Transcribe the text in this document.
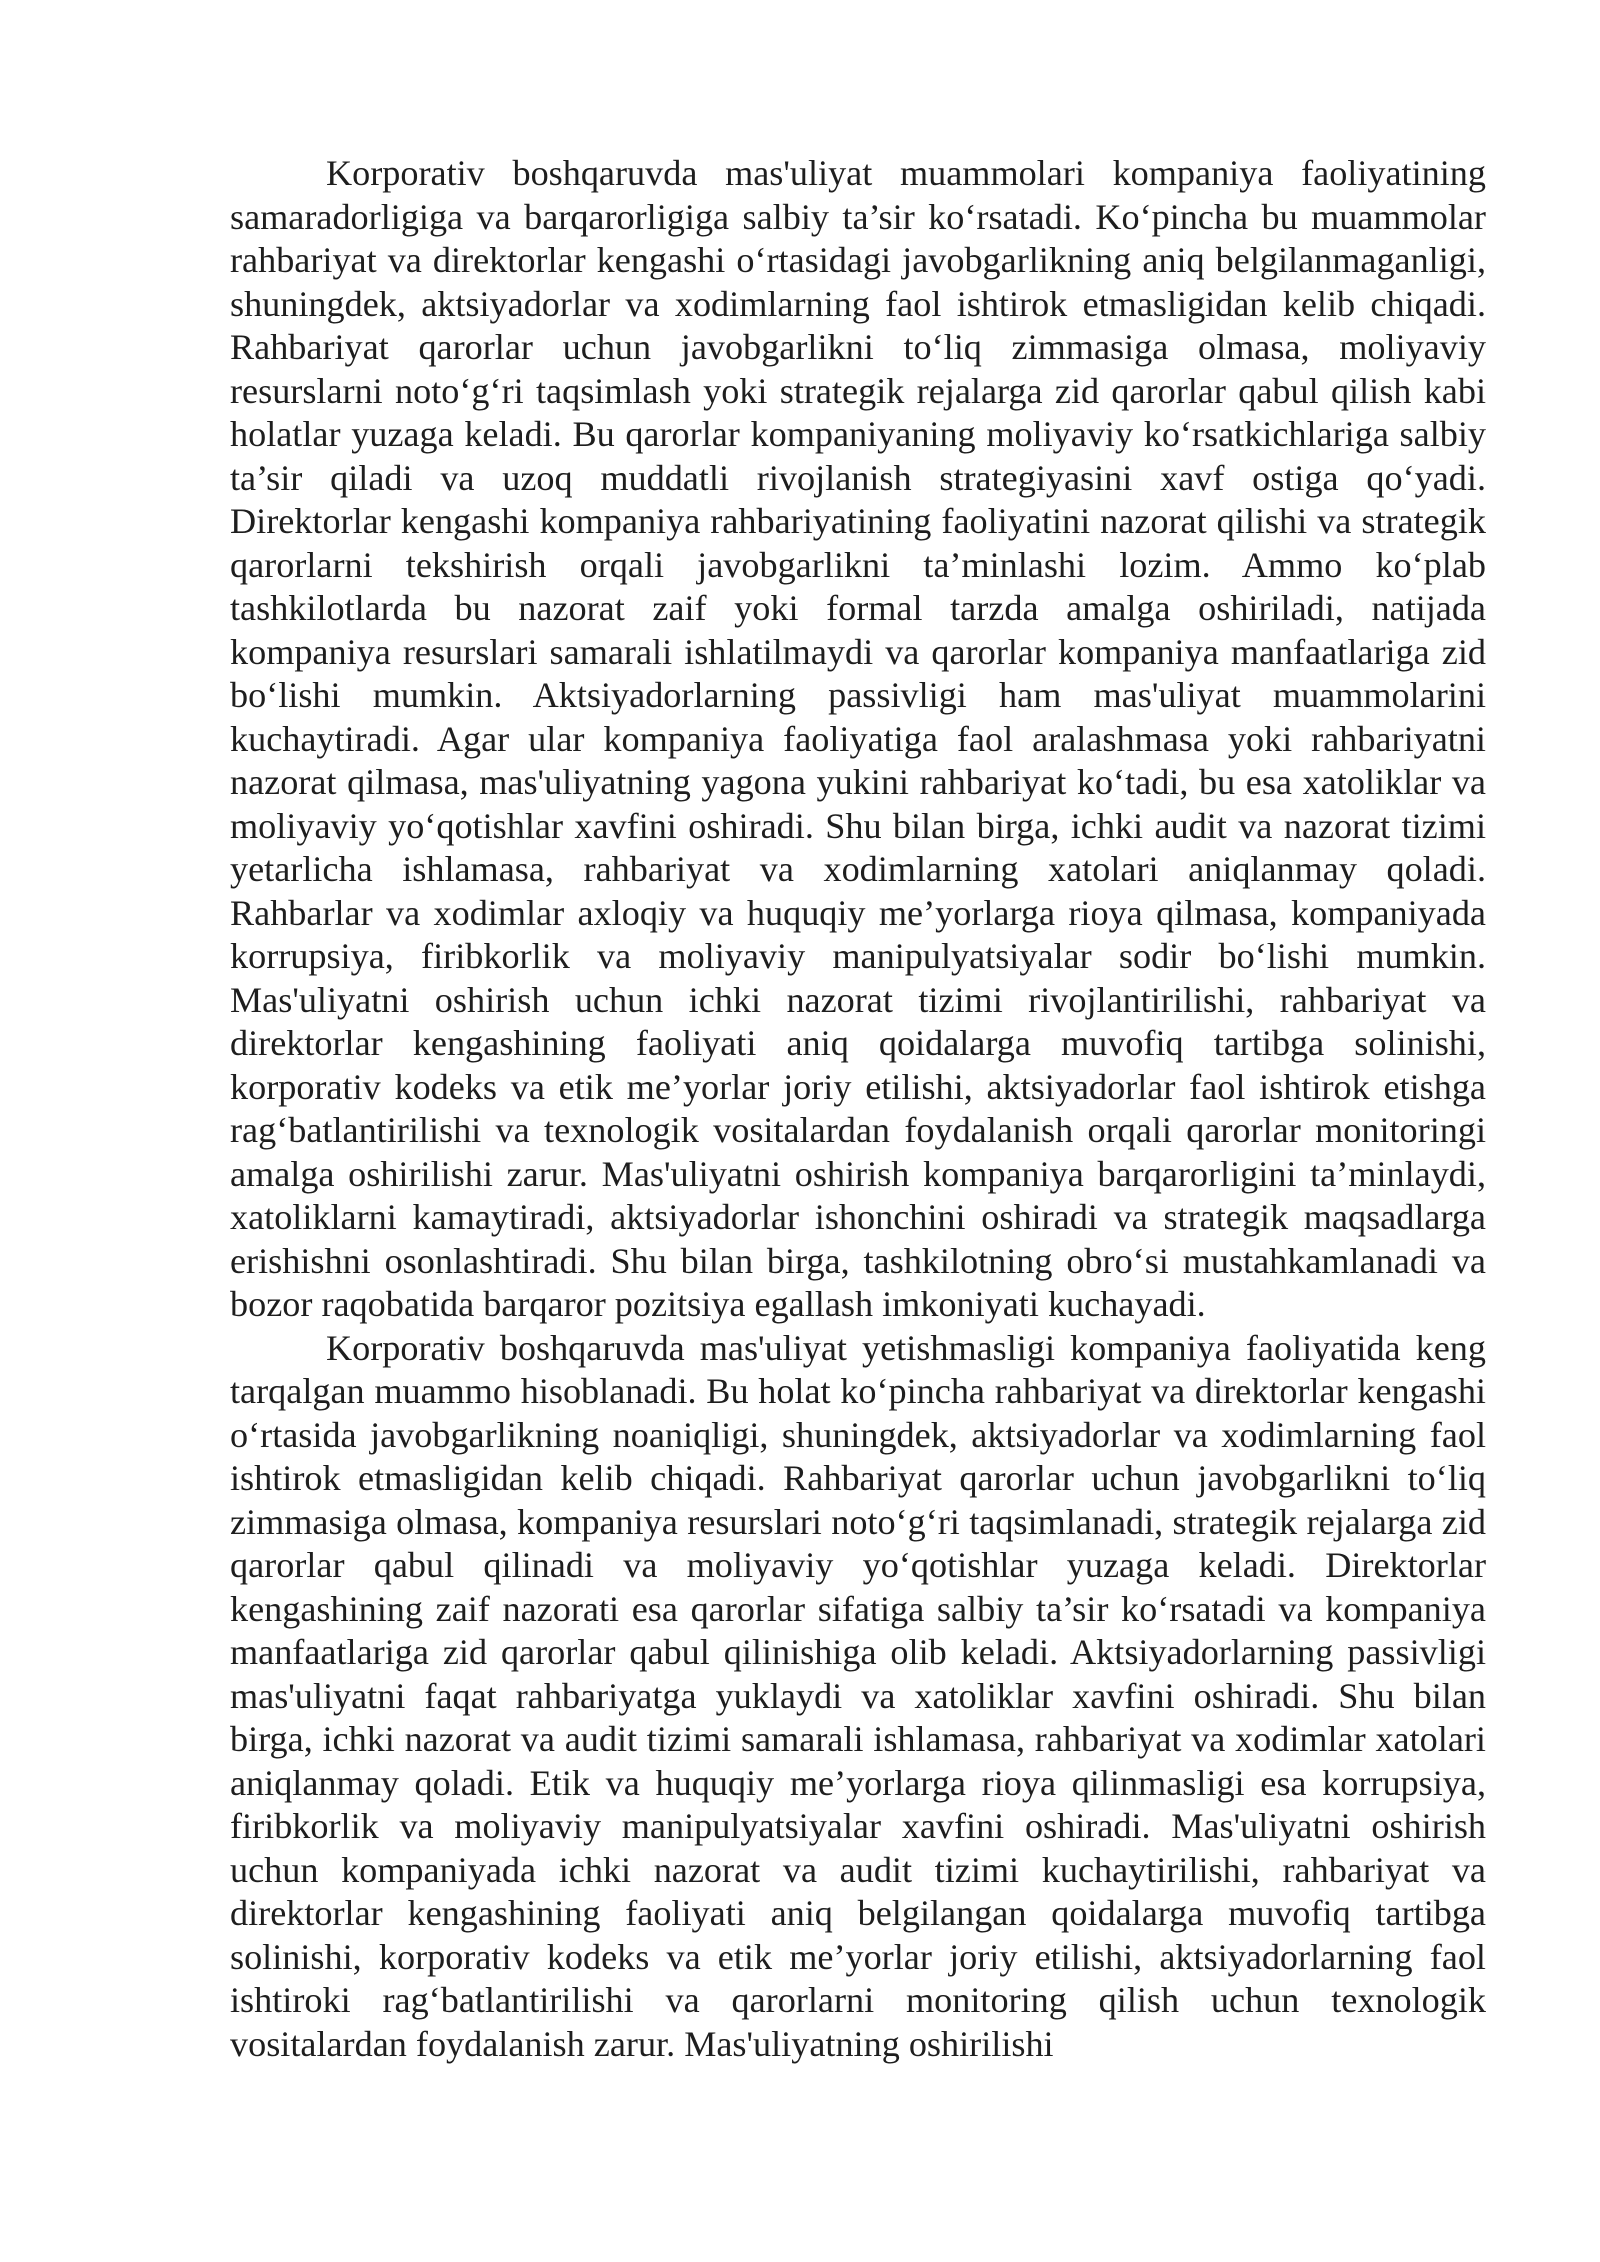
Korporativ boshqaruvda mas'uliyat muammolari kompaniya faoliyatining samaradorligiga va barqarorligiga salbiy ta’sir ko‘rsatadi. Ko‘pincha bu muammolar rahbariyat va direktorlar kengashi o‘rtasidagi javobgarlikning aniq belgilanmaganligi, shuningdek, aktsiyadorlar va xodimlarning faol ishtirok etmasligidan kelib chiqadi. Rahbariyat qarorlar uchun javobgarlikni to‘liq zimmasiga olmasa, moliyaviy resurslarni noto‘g‘ri taqsimlash yoki strategik rejalarga zid qarorlar qabul qilish kabi holatlar yuzaga keladi. Bu qarorlar kompaniyaning moliyaviy ko‘rsatkichlariga salbiy ta’sir qiladi va uzoq muddatli rivojlanish strategiyasini xavf ostiga qo‘yadi. Direktorlar kengashi kompaniya rahbariyatining faoliyatini nazorat qilishi va strategik qarorlarni tekshirish orqali javobgarlikni ta’minlashi lozim. Ammo ko‘plab tashkilotlarda bu nazorat zaif yoki formal tarzda amalga oshiriladi, natijada kompaniya resurslari samarali ishlatilmaydi va qarorlar kompaniya manfaatlariga zid bo‘lishi mumkin. Aktsiyadorlarning passivligi ham mas'uliyat muammolarini kuchaytiradi. Agar ular kompaniya faoliyatiga faol aralashmasa yoki rahbariyatni nazorat qilmasa, mas'uliyatning yagona yukini rahbariyat ko‘tadi, bu esa xatoliklar va moliyaviy yo‘qotishlar xavfini oshiradi. Shu bilan birga, ichki audit va nazorat tizimi yetarlicha ishlamasa, rahbariyat va xodimlarning xatolari aniqlanmay qoladi. Rahbarlar va xodimlar axloqiy va huquqiy me’yorlarga rioya qilmasa, kompaniyada korrupsiya, firibkorlik va moliyaviy manipulyatsiyalar sodir bo‘lishi mumkin. Mas'uliyatni oshirish uchun ichki nazorat tizimi rivojlantirilishi, rahbariyat va direktorlar kengashining faoliyati aniq qoidalarga muvofiq tartibga solinishi, korporativ kodeks va etik me’yorlar joriy etilishi, aktsiyadorlar faol ishtirok etishga rag‘batlantirilishi va texnologik vositalardan foydalanish orqali qarorlar monitoringi amalga oshirilishi zarur. Mas'uliyatni oshirish kompaniya barqarorligini ta’minlaydi, xatoliklarni kamaytiradi, aktsiyadorlar ishonchini oshiradi va strategik maqsadlarga erishishni osonlashtiradi. Shu bilan birga, tashkilotning obro‘si mustahkamlanadi va bozor raqobatida barqaror pozitsiya egallash imkoniyati kuchayadi.

Korporativ boshqaruvda mas'uliyat yetishmasligi kompaniya faoliyatida keng tarqalgan muammo hisoblanadi. Bu holat ko‘pincha rahbariyat va direktorlar kengashi o‘rtasida javobgarlikning noaniqligi, shuningdek, aktsiyadorlar va xodimlarning faol ishtirok etmasligidan kelib chiqadi. Rahbariyat qarorlar uchun javobgarlikni to‘liq zimmasiga olmasa, kompaniya resurslari noto‘g‘ri taqsimlanadi, strategik rejalarga zid qarorlar qabul qilinadi va moliyaviy yo‘qotishlar yuzaga keladi. Direktorlar kengashining zaif nazorati esa qarorlar sifatiga salbiy ta’sir ko‘rsatadi va kompaniya manfaatlariga zid qarorlar qabul qilinishiga olib keladi. Aktsiyadorlarning passivligi mas'uliyatni faqat rahbariyatga yuklaydi va xatoliklar xavfini oshiradi. Shu bilan birga, ichki nazorat va audit tizimi samarali ishlamasa, rahbariyat va xodimlar xatolari aniqlanmay qoladi. Etik va huquqiy me’yorlarga rioya qilinmasligi esa korrupsiya, firibkorlik va moliyaviy manipulyatsiyalar xavfini oshiradi. Mas'uliyatni oshirish uchun kompaniyada ichki nazorat va audit tizimi kuchaytirilishi, rahbariyat va direktorlar kengashining faoliyati aniq belgilangan qoidalarga muvofiq tartibga solinishi, korporativ kodeks va etik me’yorlar joriy etilishi, aktsiyadorlarning faol ishtiroki rag‘batlantirilishi va qarorlarni monitoring qilish uchun texnologik vositalardan foydalanish zarur. Mas'uliyatning oshirilishi
